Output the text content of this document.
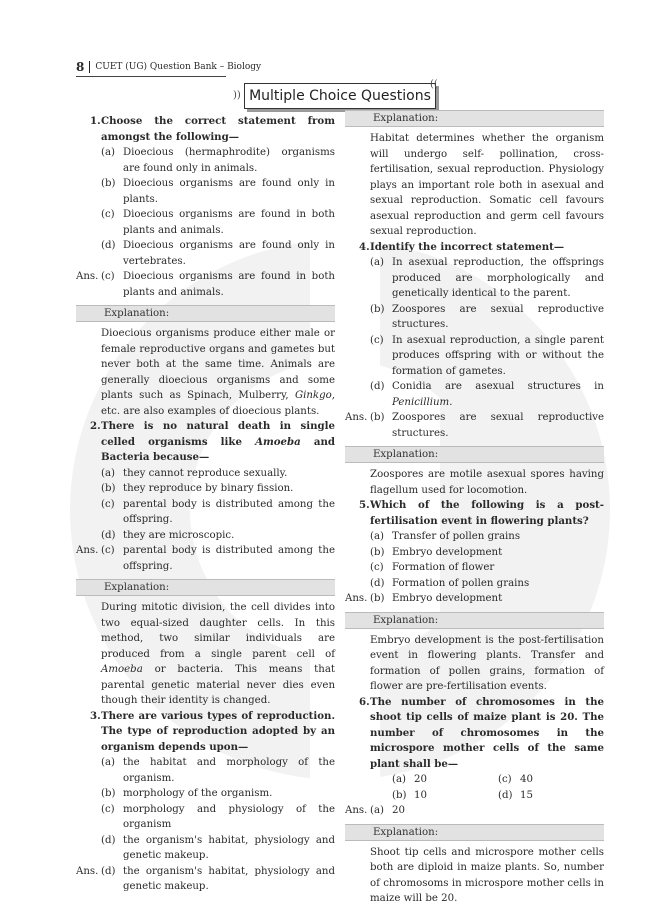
8 CUET (UG) Question Bank – Biology
)) Multiple Choice Questions
((
1. Choose the correct statement from amongst the following—
(a) Dioecious (hermaphrodite) organisms are found only in animals.
(b) Dioecious organisms are found only in plants.
(c) Dioecious organisms are found in both plants and animals.
(d) Dioecious organisms are found only in vertebrates.
Ans. (c) Dioecious organisms are found in both plants and animals.
Explanation:
Dioecious organisms produce either male or female reproductive organs and gametes but never both at the same time. Animals are generally dioecious organisms and some plants such as Spinach, Mulberry, Ginkgo, etc. are also examples of dioecious plants.
2. There is no natural death in single celled organisms like Amoeba and Bacteria because—
(a) they cannot reproduce sexually.
(b) they reproduce by binary fission.
(c) parental body is distributed among the offspring.
(d) they are microscopic.
Ans. (c) parental body is distributed among the offspring.
Explanation:
During mitotic division, the cell divides into two equal-sized daughter cells. In this method, two similar individuals are produced from a single parent cell of Amoeba or bacteria. This means that parental genetic material never dies even though their identity is changed.
3. There are various types of reproduction. The type of reproduction adopted by an organism depends upon—
(a) the habitat and morphology of the organism.
(b) morphology of the organism.
(c) morphology and physiology of the organism
(d) the organism's habitat, physiology and genetic makeup.
Ans. (d) the organism's habitat, physiology and genetic makeup.
Explanation:
Habitat determines whether the organism will undergo self- pollination, cross-fertilisation, sexual reproduction. Physiology plays an important role both in asexual and sexual reproduction. Somatic cell favours asexual reproduction and germ cell favours sexual reproduction.
4. Identify the incorrect statement—
(a) In asexual reproduction, the offsprings produced are morphologically and genetically identical to the parent.
(b) Zoospores are sexual reproductive structures.
(c) In asexual reproduction, a single parent produces offspring with or without the formation of gametes.
(d) Conidia are asexual structures in Penicillium.
Ans. (b) Zoospores are sexual reproductive structures.
Explanation:
Zoospores are motile asexual spores having flagellum used for locomotion.
5. Which of the following is a post-fertilisation event in flowering plants?
(a) Transfer of pollen grains
(b) Embryo development
(c) Formation of flower
(d) Formation of pollen grains
Ans. (b) Embryo development
Explanation:
Embryo development is the post-fertilisation event in flowering plants. Transfer and formation of pollen grains, formation of flower are pre-fertilisation events.
6. The number of chromosomes in the shoot tip cells of maize plant is 20. The number of chromosomes in the microspore mother cells of the same plant shall be—
(a) 20	(c) 40
(b) 10	(d) 15
Ans. (a) 20
Explanation:
Shoot tip cells and microspore mother cells both are diploid in maize plants. So, number of chromosoms in microspore mother cells in maize will be 20.
